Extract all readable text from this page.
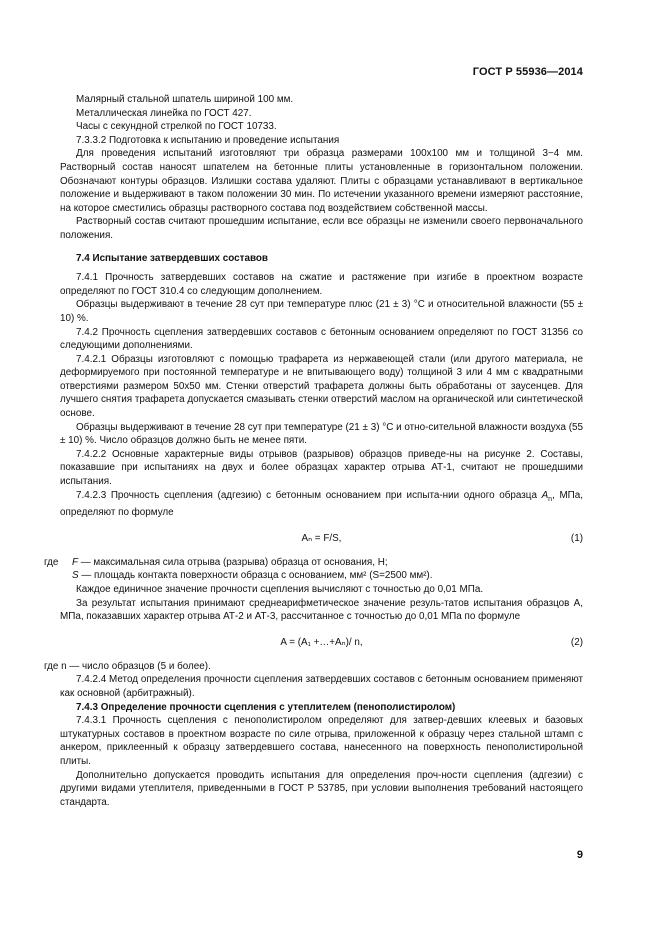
ГОСТ Р 55936—2014

Малярный стальной шпатель шириной 100 мм.

Металлическая линейка по ГОСТ 427.

Часы с секундной стрелкой по ГОСТ 10733.

7.3.3.2 Подготовка к испытанию и проведение испытания

Для проведения испытаний изготовляют три образца размерами 100x100 мм и толщиной 3−4 мм. Растворный состав наносят шпателем на бетонные плиты установленные в горизонтальном положении. Обозначают контуры образцов. Излишки состава удаляют. Плиты с образцами устанавливают в вертикальное положение и выдерживают в таком положении 30 мин. По истечении указанного времени измеряют расстояние, на которое сместились образцы растворного состава под воздействием собственной массы.

Растворный состав считают прошедшим испытание, если все образцы не изменили своего первоначального положения.

7.4 Испытание затвердевших составов

7.4.1 Прочность затвердевших составов на сжатие и растяжение при изгибе в проектном возрасте определяют по ГОСТ 310.4 со следующим дополнением.

Образцы выдерживают в течение 28 сут при температуре плюс (21 ± 3) °C и относительной влажности (55 ± 10) %.

7.4.2 Прочность сцепления затвердевших составов с бетонным основанием определяют по ГОСТ 31356 со следующими дополнениями.

7.4.2.1 Образцы изготовляют с помощью трафарета из нержавеющей стали (или другого материала, не деформируемого при постоянной температуре и не впитывающего воду) толщиной 3 или 4 мм с квадратными отверстиями размером 50x50 мм. Стенки отверстий трафарета должны быть обработаны от заусенцев. Для лучшего снятия трафарета допускается смазывать стенки отверстий маслом на органической или синтетической основе.

Образцы выдерживают в течение 28 сут при температуре (21 ± 3) °C и отно-сительной влажности воздуха (55 ± 10) %. Число образцов должно быть не менее пяти.

7.4.2.2 Основные характерные виды отрывов (разрывов) образцов приведе-ны на рисунке 2. Составы, показавшие при испытаниях на двух и более образцах характер отрыва АТ-1, считают не прошедшими испытания.

7.4.2.3 Прочность сцепления (адгезию) с бетонным основанием при испыта-нии одного образца $A_n$, МПа, определяют по формуле

Aₙ = F/S,	(1)

где F — максимальная сила отрыва (разрыва) образца от основания, Н;

S — площадь контакта поверхности образца с основанием, мм² (S=2500 мм²).

Каждое единичное значение прочности сцепления вычисляют с точностью до 0,01 МПа.

За результат испытания принимают среднеарифметическое значение резуль-татов испытания образцов A, МПа, показавших характер отрыва АТ-2 и АТ-3, рассчитанное с точностью до 0,01 МПа по формуле

A = (A₁ +…+Aₙ)/ n,	(2)

где n — число образцов (5 и более).

7.4.2.4 Метод определения прочности сцепления затвердевших составов с бетонным основанием применяют как основной (арбитражный).

7.4.3 Определение прочности сцепления с утеплителем (пенополистиролом)

7.4.3.1 Прочность сцепления с пенополистиролом определяют для затвер-девших клеевых и базовых штукатурных составов в проектном возрасте по силе отрыва, приложенной к образцу через стальной штамп с анкером, приклеенный к образцу затвердевшего состава, нанесенного на поверхность пенополистирольной плиты.

Дополнительно допускается проводить испытания для определения проч-ности сцепления (адгезии) с другими видами утеплителя, приведенными в ГОСТ Р 53785, при условии выполнения требований настоящего стандарта.

9
